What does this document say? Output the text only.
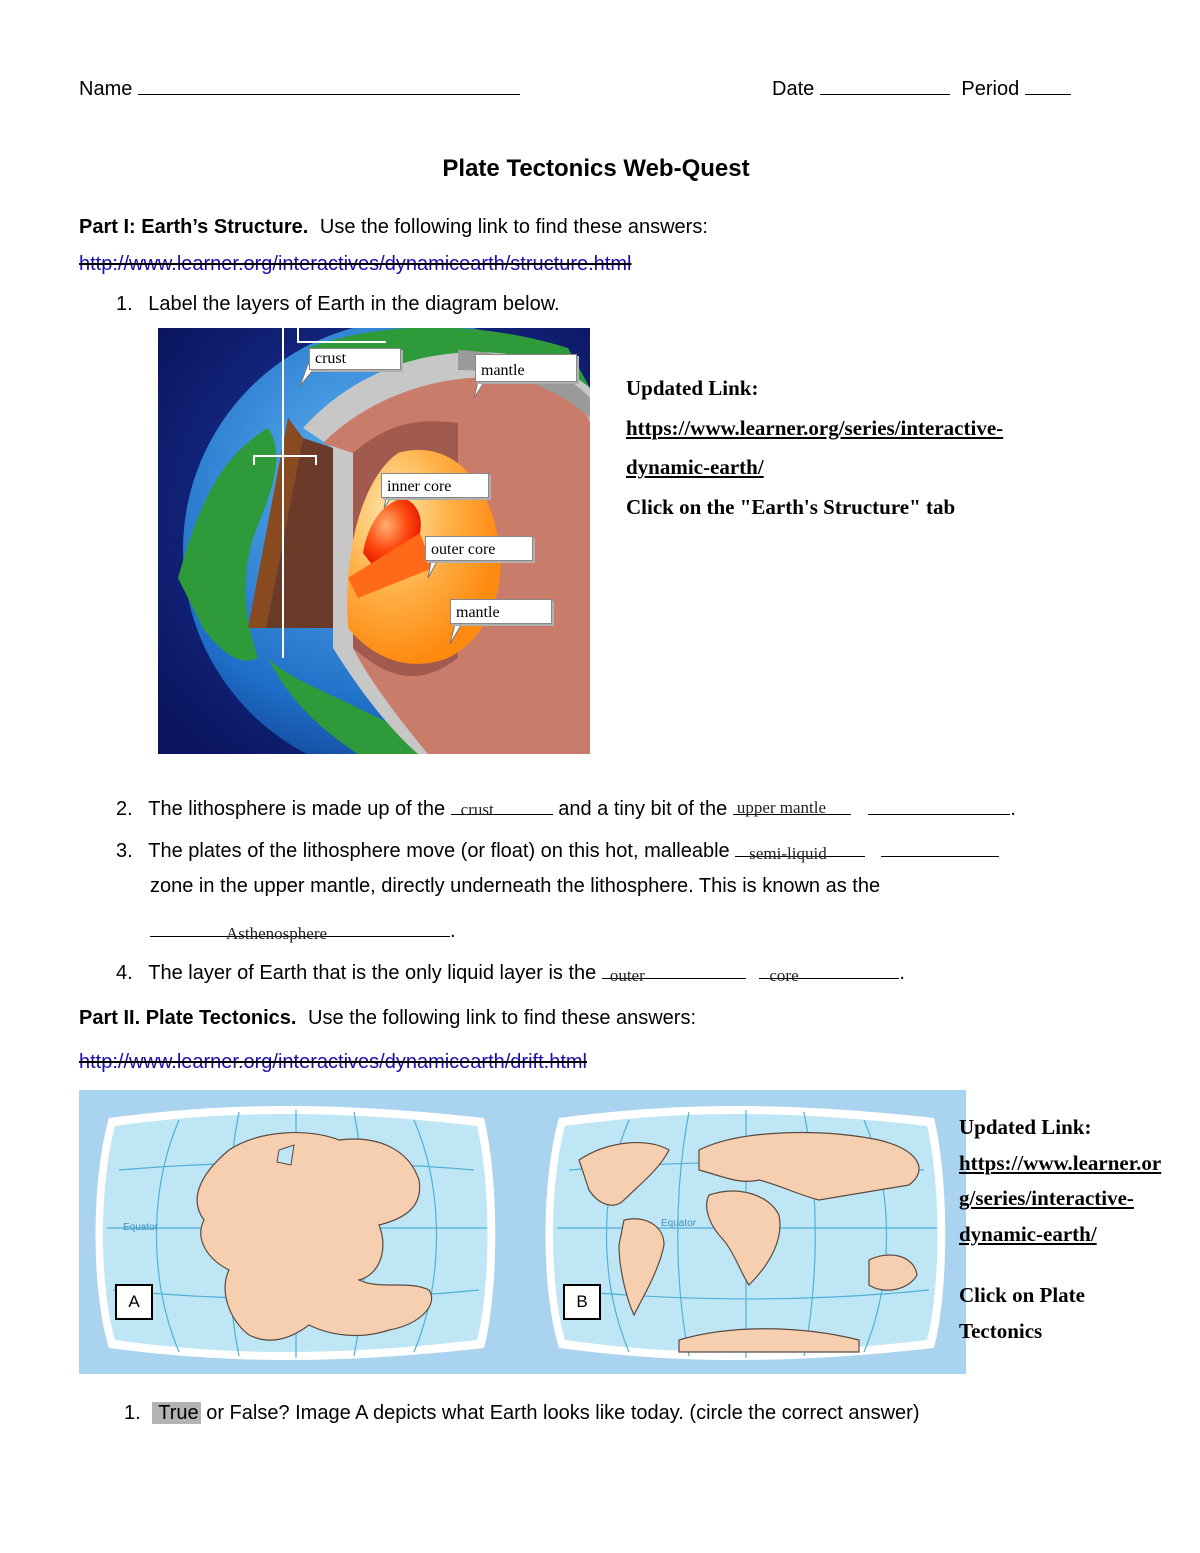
Name	Date	Period
Plate Tectonics Web-Quest
Part I: Earth’s Structure. Use the following link to find these answers:
http://www.learner.org/interactives/dynamicearth/structure.html
1. Label the layers of Earth in the diagram below.
crust
mantle
inner core
outer core
mantle
Updated Link:
https://www.learner.org/series/interactive-
dynamic-earth/
Click on the "Earth's Structure" tab
2. The lithosphere is made up of the crust	and a tiny bit of the upper mantle	.
3. The plates of the lithosphere move (or float) on this hot, malleable semi-liquid

zone in the upper mantle, directly underneath the lithosphere. This is known as the
Asthenosphere	.
4. The layer of Earth that is the only liquid layer is the outer
	core	.
Part II. Plate Tectonics. Use the following link to find these answers:
http://www.learner.org/interactives/dynamicearth/drift.html
Equator	Equator
A	B
Updated Link:
https://www.learner.or
g/series/interactive-
dynamic-earth/
Click on Plate
Tectonics
1. True or False? Image A depicts what Earth looks like today. (circle the correct answer)
